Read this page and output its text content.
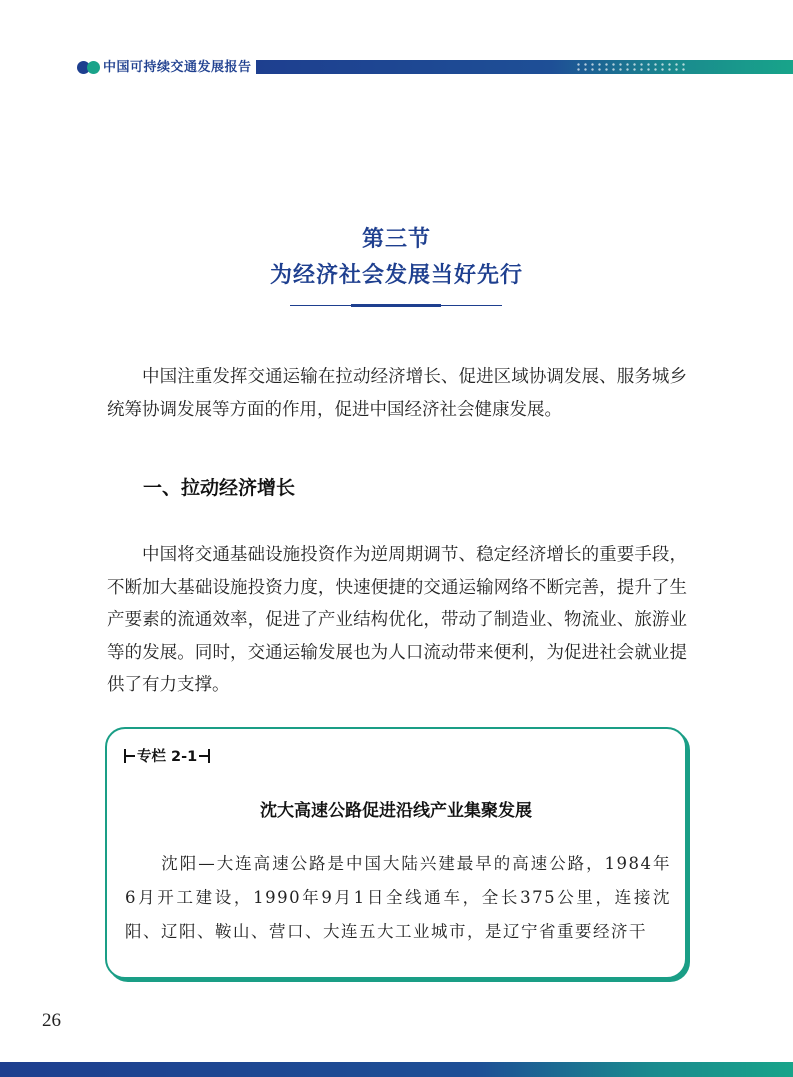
中国可持续交通发展报告
第三节
为经济社会发展当好先行

中国注重发挥交通运输在拉动经济增长、促进区域协调发展、服务城乡统筹协调发展等方面的作用，促进中国经济社会健康发展。

一、拉动经济增长

中国将交通基础设施投资作为逆周期调节、稳定经济增长的重要手段，不断加大基础设施投资力度，快速便捷的交通运输网络不断完善，提升了生产要素的流通效率，促进了产业结构优化，带动了制造业、物流业、旅游业等的发展。同时，交通运输发展也为人口流动带来便利，为促进社会就业提供了有力支撑。

专栏 2-1
沈大高速公路促进沿线产业集聚发展

沈阳—大连高速公路是中国大陆兴建最早的高速公路，1984年6月开工建设，1990年9月1日全线通车，全长375公里，连接沈阳、辽阳、鞍山、营口、大连五大工业城市，是辽宁省重要经济干

26
